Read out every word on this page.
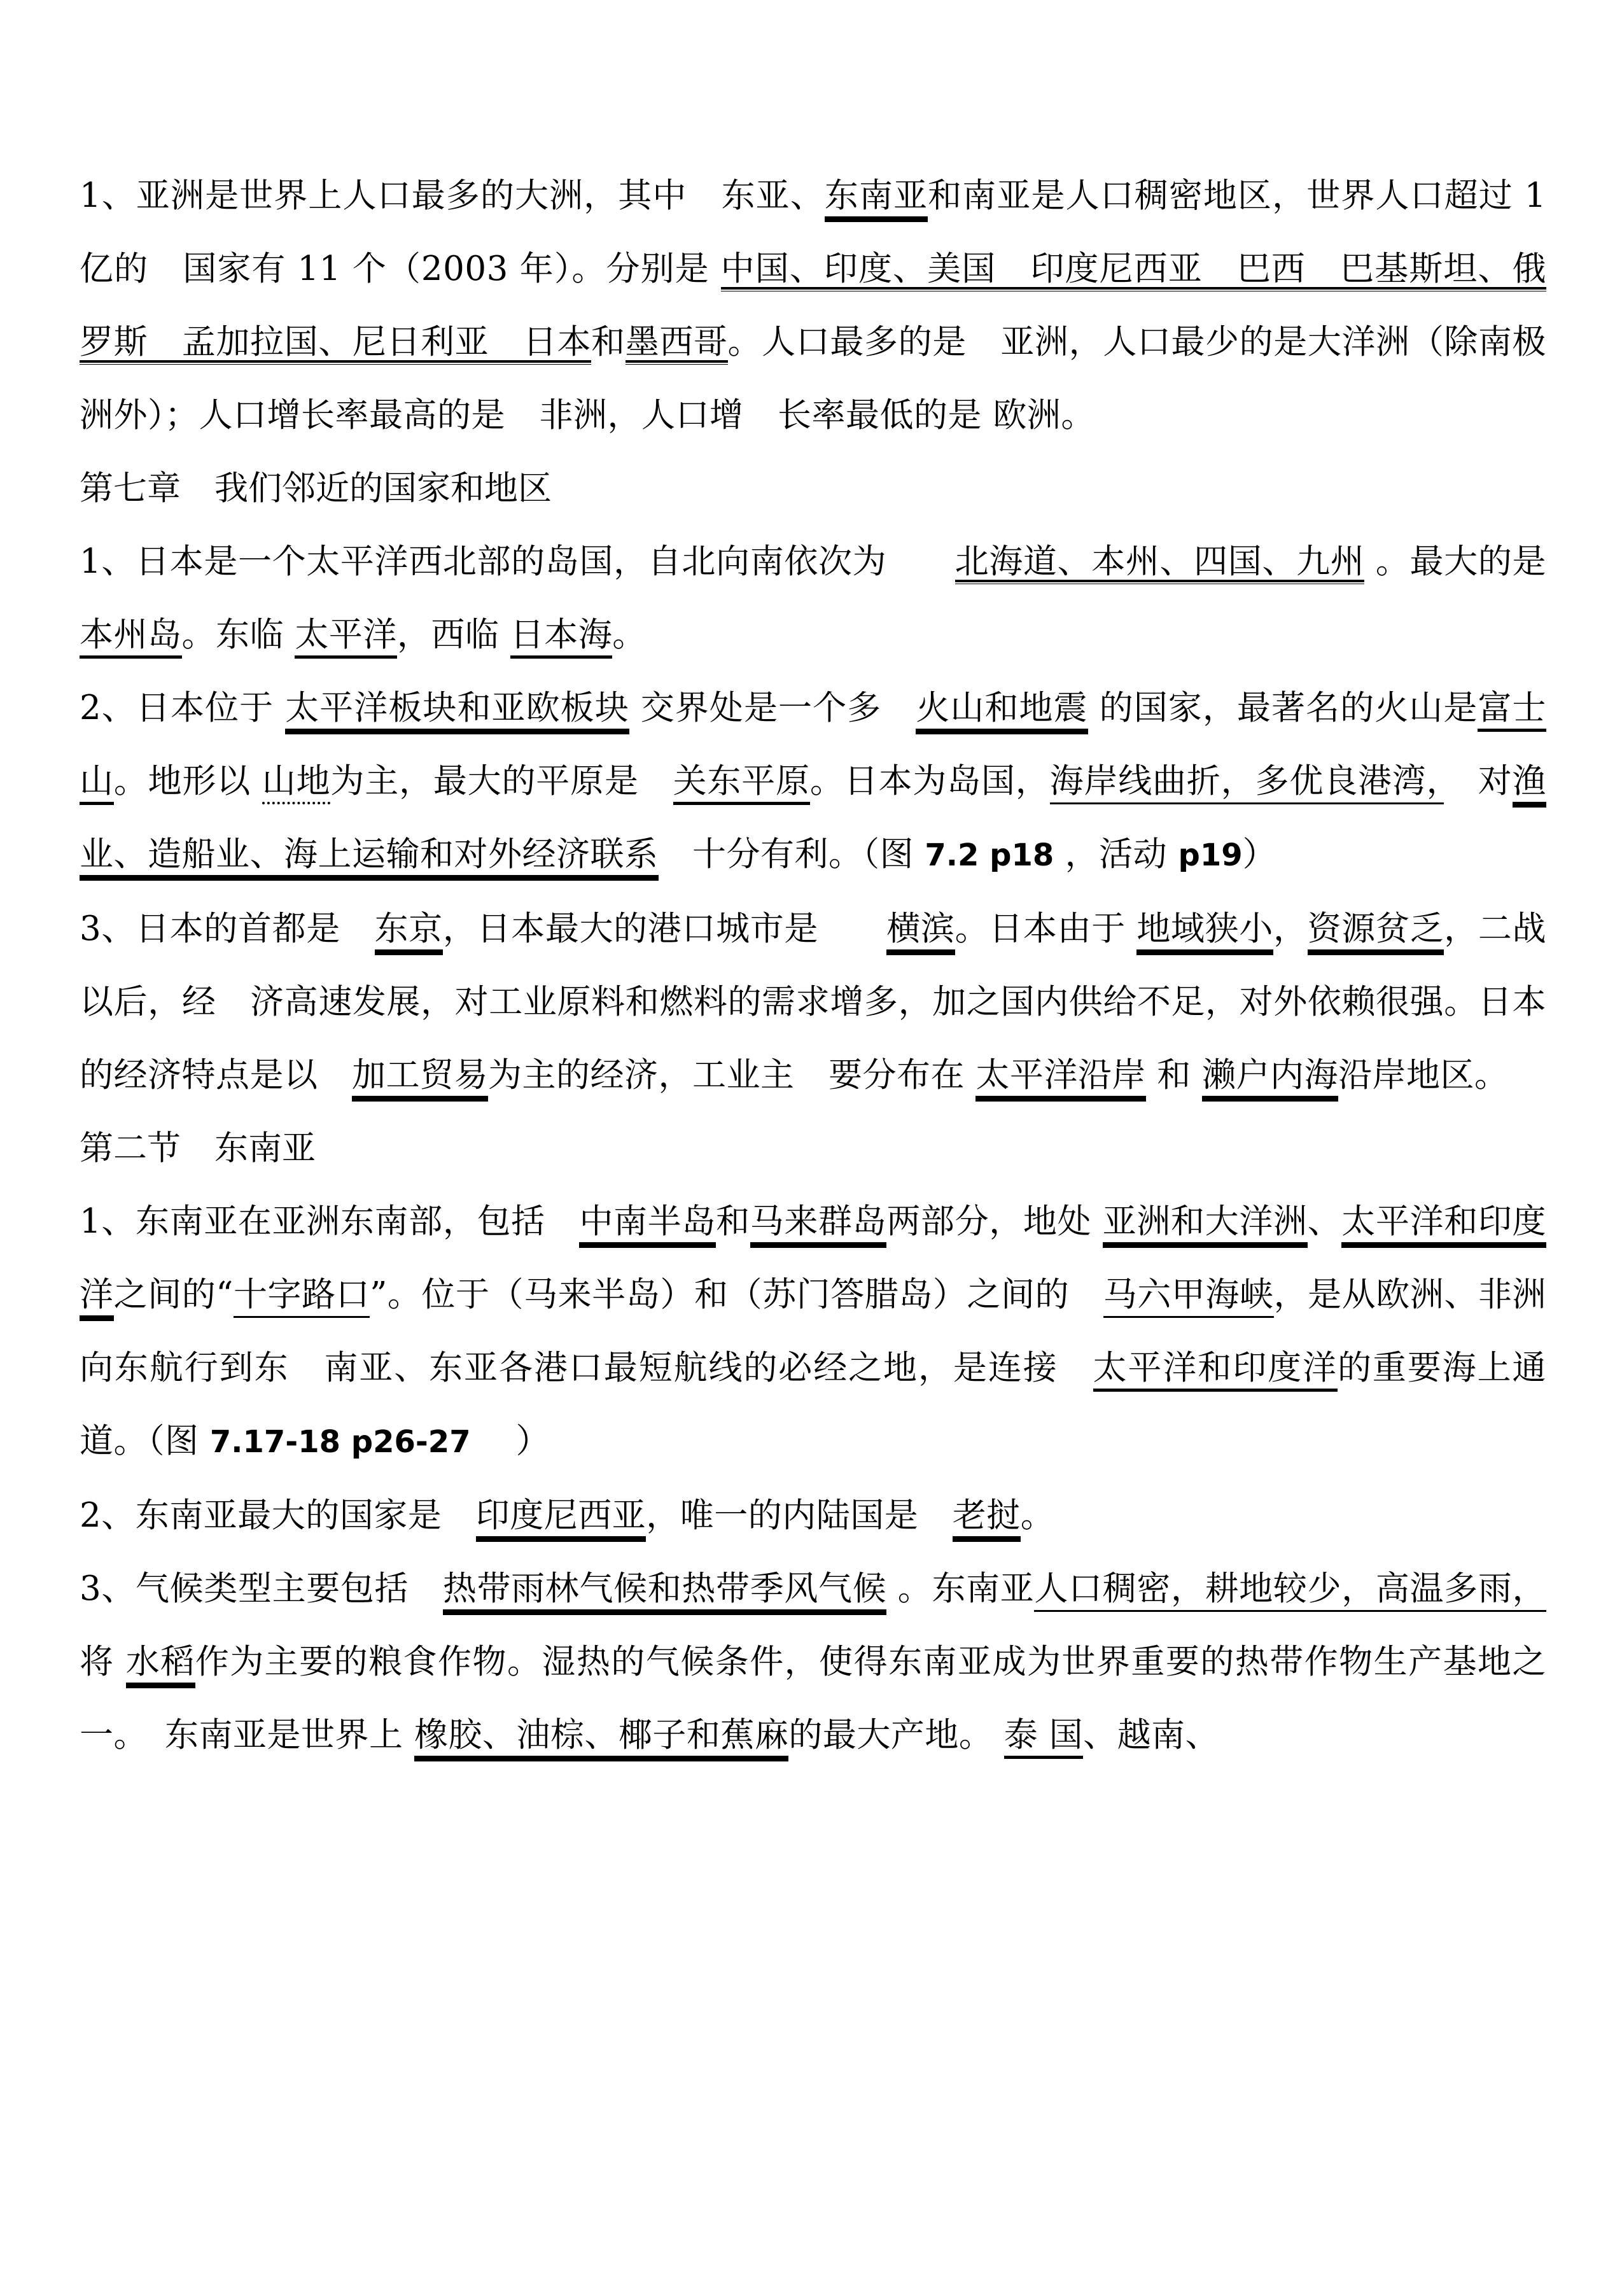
1、亚洲是世界上人口最多的大洲，其中　东亚、东南亚和南亚是人口稠密地区，世界人口超过 1 亿的　国家有 11 个（2003 年）。分别是 中国、印度、美国　印度尼西亚　巴西　巴基斯坦、俄罗斯　孟加拉国、尼日利亚　日本和墨西哥。人口最多的是　亚洲，人口最少的是大洋洲（除南极洲外）；人口增长率最高的是　非洲，人口增　长率最低的是 欧洲。

第七章　我们邻近的国家和地区

1、日本是一个太平洋西北部的岛国，自北向南依次为　　北海道、本州、四国、九州 。最大的是本州岛。东临 太平洋，西临 日本海。

2、日本位于 太平洋板块和亚欧板块 交界处是一个多　火山和地震 的国家，最著名的火山是富士山。地形以 山地为主，最大的平原是　关东平原。日本为岛国，海岸线曲折，多优良港湾，　对渔业、造船业、海上运输和对外经济联系　十分有利。（图 7.2 p18 ，活动 p19）

3、日本的首都是　东京，日本最大的港口城市是　　横滨。日本由于 地域狭小，资源贫乏，二战以后，经　济高速发展，对工业原料和燃料的需求增多，加之国内供给不足，对外依赖很强。日本的经济特点是以　加工贸易为主的经济，工业主　要分布在 太平洋沿岸 和 濑户内海沿岸地区。

第二节　东南亚

1、东南亚在亚洲东南部，包括　中南半岛和马来群岛两部分，地处 亚洲和大洋洲、太平洋和印度洋之间的“十字路口”。位于（马来半岛）和（苏门答腊岛）之间的　马六甲海峡，是从欧洲、非洲向东航行到东　南亚、东亚各港口最短航线的必经之地，是连接　太平洋和印度洋的重要海上通道。（图 7.17-18 p26-27 　）

2、东南亚最大的国家是　印度尼西亚，唯一的内陆国是　老挝。

3、气候类型主要包括　热带雨林气候和热带季风气候 。东南亚人口稠密，耕地较少，高温多雨，将 水稻作为主要的粮食作物。湿热的气候条件，使得东南亚成为世界重要的热带作物生产基地之一。　东南亚是世界上 橡胶、油棕、椰子和蕉麻的最大产地。 泰 国、越南、
